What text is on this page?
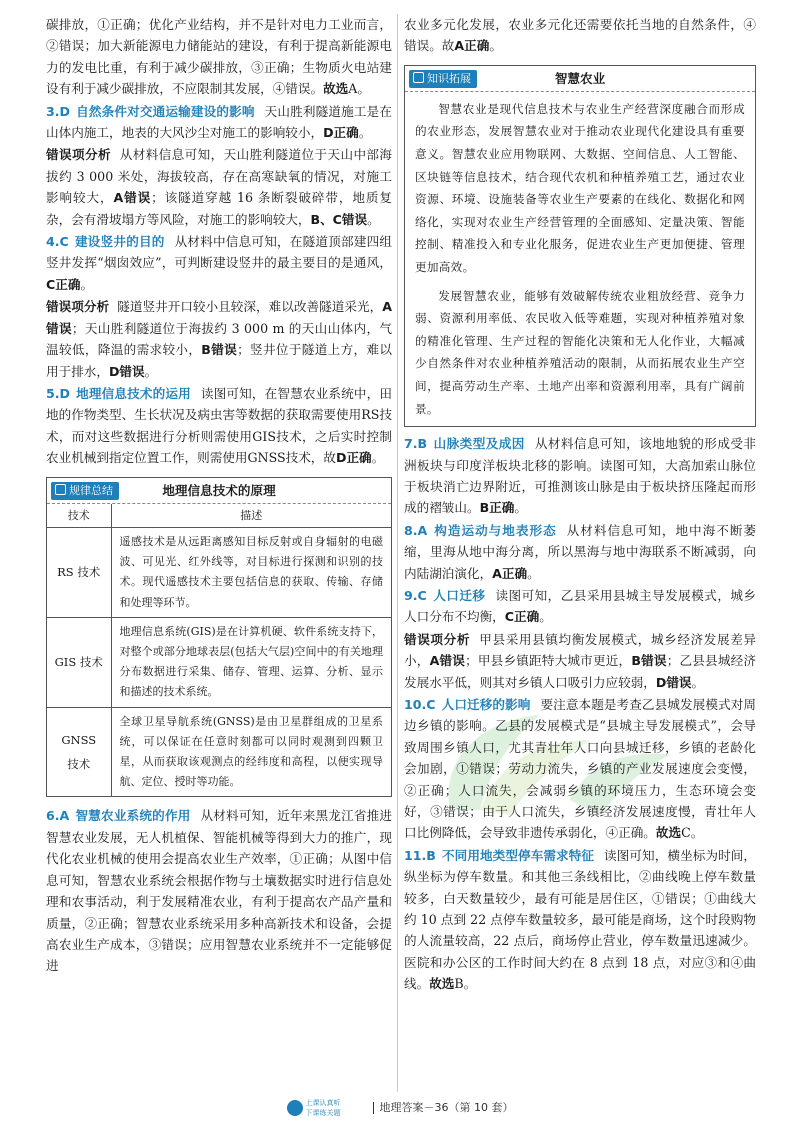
碳排放，①正确；优化产业结构，并不是针对电力工业而言，②错误；加大新能源电力储能站的建设，有利于提高新能源电力的发电比重，有利于减少碳排放，③正确；生物质火电站建设有利于减少碳排放，不应限制其发展，④错误。故选A。
3.D 自然条件对交通运输建设的影响 天山胜利隧道施工是在山体内施工，地表的大风沙尘对施工的影响较小，D正确。
错误项分析 从材料信息可知，天山胜利隧道位于天山中部海拔约 3 000 米处，海拔较高，存在高寒缺氧的情况，对施工影响较大，A错误；该隧道穿越 16 条断裂破碎带，地质复杂，会有滑坡塌方等风险，对施工的影响较大，B、C错误。
4.C 建设竖井的目的 从材料中信息可知，在隧道顶部建四组竖井发挥“烟囱效应”，可判断建设竖井的最主要目的是通风，C正确。
错误项分析 隧道竖井开口较小且较深，难以改善隧道采光，A错误；天山胜利隧道位于海拔约 3 000 m 的天山山体内，气温较低，降温的需求较小，B错误；竖井位于隧道上方，难以用于排水，D错误。
5.D 地理信息技术的运用 读图可知，在智慧农业系统中，田地的作物类型、生长状况及病虫害等数据的获取需要使用RS技术，而对这些数据进行分析则需使用GIS技术，之后实时控制农业机械到指定位置工作，则需使用GNSS技术，故D正确。
规律总结	地理信息技术的原理
技术	描述
RS 技术	遥感技术是从远距离感知目标反射或自身辐射的电磁波、可见光、红外线等，对目标进行探测和识别的技术。现代遥感技术主要包括信息的获取、传输、存储和处理等环节。
GIS 技术	地理信息系统(GIS)是在计算机硬、软件系统支持下，对整个或部分地球表层(包括大气层)空间中的有关地理分布数据进行采集、储存、管理、运算、分析、显示和描述的技术系统。
GNSS
技术	全球卫星导航系统(GNSS)是由卫星群组成的卫星系统，可以保证在任意时刻都可以同时观测到四颗卫星，从而获取该观测点的经纬度和高程，以便实现导航、定位、授时等功能。
6.A 智慧农业系统的作用 从材料可知，近年来黑龙江省推进智慧农业发展，无人机植保、智能机械等得到大力的推广，现代化农业机械的使用会提高农业生产效率，①正确；从图中信息可知，智慧农业系统会根据作物与土壤数据实时进行信息处理和农事活动，利于发展精准农业，有利于提高农产品产量和质量，②正确；智慧农业系统采用多种高新技术和设备，会提高农业生产成本，③错误；应用智慧农业系统并不一定能够促进
农业多元化发展，农业多元化还需要依托当地的自然条件，④错误。故A正确。
知识拓展	智慧农业
智慧农业是现代信息技术与农业生产经营深度融合而形成的农业形态，发展智慧农业对于推动农业现代化建设具有重要意义。智慧农业应用物联网、大数据、空间信息、人工智能、区块链等信息技术，结合现代农机和种植养殖工艺，通过农业资源、环境、设施装备等农业生产要素的在线化、数据化和网络化，实现对农业生产经营管理的全面感知、定量决策、智能控制、精准投入和专业化服务，促进农业生产更加便捷、管理更加高效。
发展智慧农业，能够有效破解传统农业粗放经营、竞争力弱、资源利用率低、农民收入低等难题，实现对种植养殖对象的精准化管理、生产过程的智能化决策和无人化作业，大幅减少自然条件对农业种植养殖活动的限制，从而拓展农业生产空间，提高劳动生产率、土地产出率和资源利用率，具有广阔前景。
7.B 山脉类型及成因 从材料信息可知，该地地貌的形成受非洲板块与印度洋板块北移的影响。读图可知，大高加索山脉位于板块消亡边界附近，可推测该山脉是由于板块挤压隆起而形成的褶皱山。B正确。
8.A 构造运动与地表形态 从材料信息可知，地中海不断萎缩，里海从地中海分离，所以黑海与地中海联系不断减弱，向内陆湖泊演化，A正确。
9.C 人口迁移 读图可知，乙县采用县城主导发展模式，城乡人口分布不均衡，C正确。
错误项分析 甲县采用县镇均衡发展模式，城乡经济发展差异小，A错误；甲县乡镇距特大城市更近，B错误；乙县县城经济发展水平低，则其对乡镇人口吸引力应较弱，D错误。
10.C 人口迁移的影响 要注意本题是考查乙县城发展模式对周边乡镇的影响。乙县的发展模式是“县城主导发展模式”，会导致周围乡镇人口，尤其青壮年人口向县城迁移，乡镇的老龄化会加剧，①错误；劳动力流失，乡镇的产业发展速度会变慢，②正确；人口流失，会减弱乡镇的环境压力，生态环境会变好，③错误；由于人口流失，乡镇经济发展速度慢，青壮年人口比例降低，会导致非遗传承弱化，④正确。故选C。
11.B 不同用地类型停车需求特征 读图可知，横坐标为时间，纵坐标为停车数量。和其他三条线相比，②曲线晚上停车数量较多，白天数量较少，最有可能是居住区，①错误；①曲线大约 10 点到 22 点停车数量较多，最可能是商场，这个时段购物的人流量较高，22 点后，商场停止营业，停车数量迅速减少。医院和办公区的工作时间大约在 8 点到 18 点，对应③和④曲线。故选B。
上课认真听
下课练关题	地理答案－36（第 10 套）
